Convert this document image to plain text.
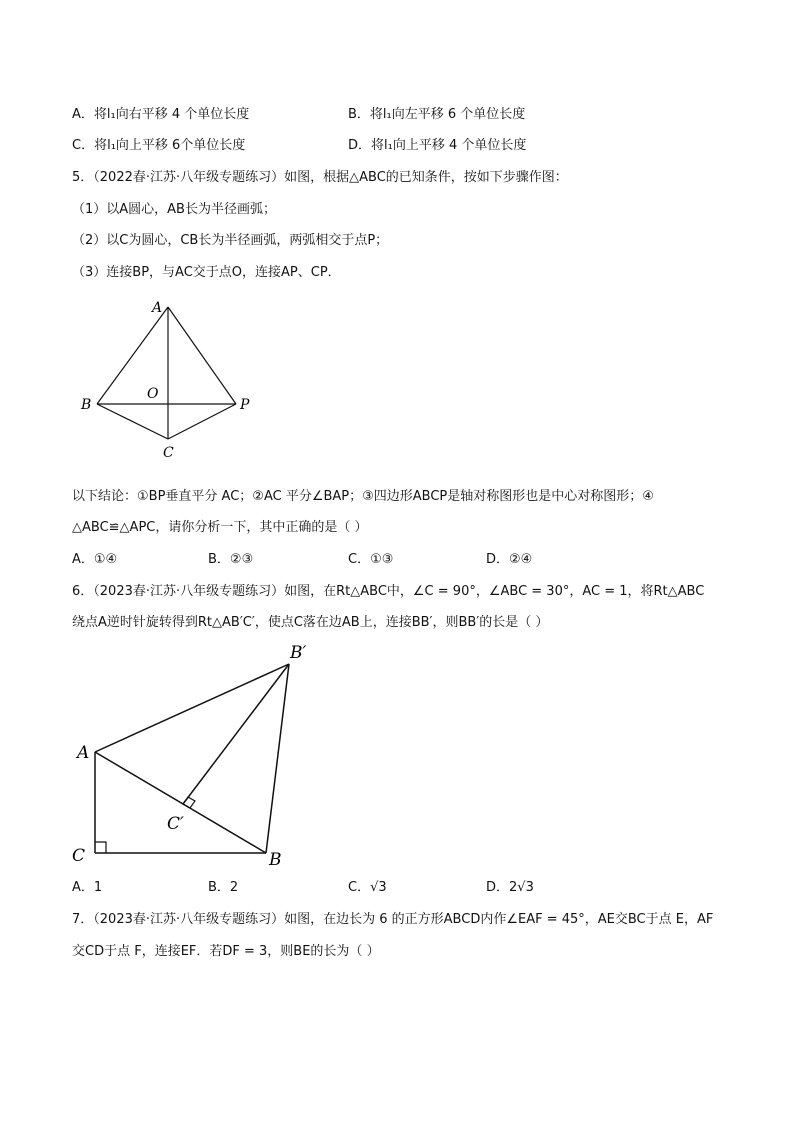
A．将l₁向右平移 4 个单位长度	B．将l₁向左平移 6 个单位长度
C．将l₁向上平移 6个单位长度	D．将l₁向上平移 4 个单位长度
5．（2022春·江苏·八年级专题练习）如图，根据△ABC的已知条件，按如下步骤作图：
（1）以A圆心，AB长为半径画弧；
（2）以C为圆心，CB长为半径画弧，两弧相交于点P；
（3）连接BP，与AC交于点O，连接AP、CP．
A
B
C
O
P
以下结论：①BP垂直平分 AC；②AC 平分∠BAP；③四边形ABCP是轴对称图形也是中心对称图形；④
△ABC≌△APC，请你分析一下，其中正确的是（ ）
A．①④	B．②③	C．①③	D．②④
6．（2023春·江苏·八年级专题练习）如图，在Rt△ABC中，∠C = 90°，∠ABC = 30°，AC = 1，将Rt△ABC
绕点A逆时针旋转得到Rt△AB′C′，使点C落在边AB上，连接BB′，则BB′的长是（ ）
A
B
C
B′
C′
A．1	B．2	C．√3	D．2√3
7．（2023春·江苏·八年级专题练习）如图，在边长为 6 的正方形ABCD内作∠EAF = 45°，AE交BC于点 E，AF
交CD于点 F，连接EF．若DF = 3，则BE的长为（ ）
